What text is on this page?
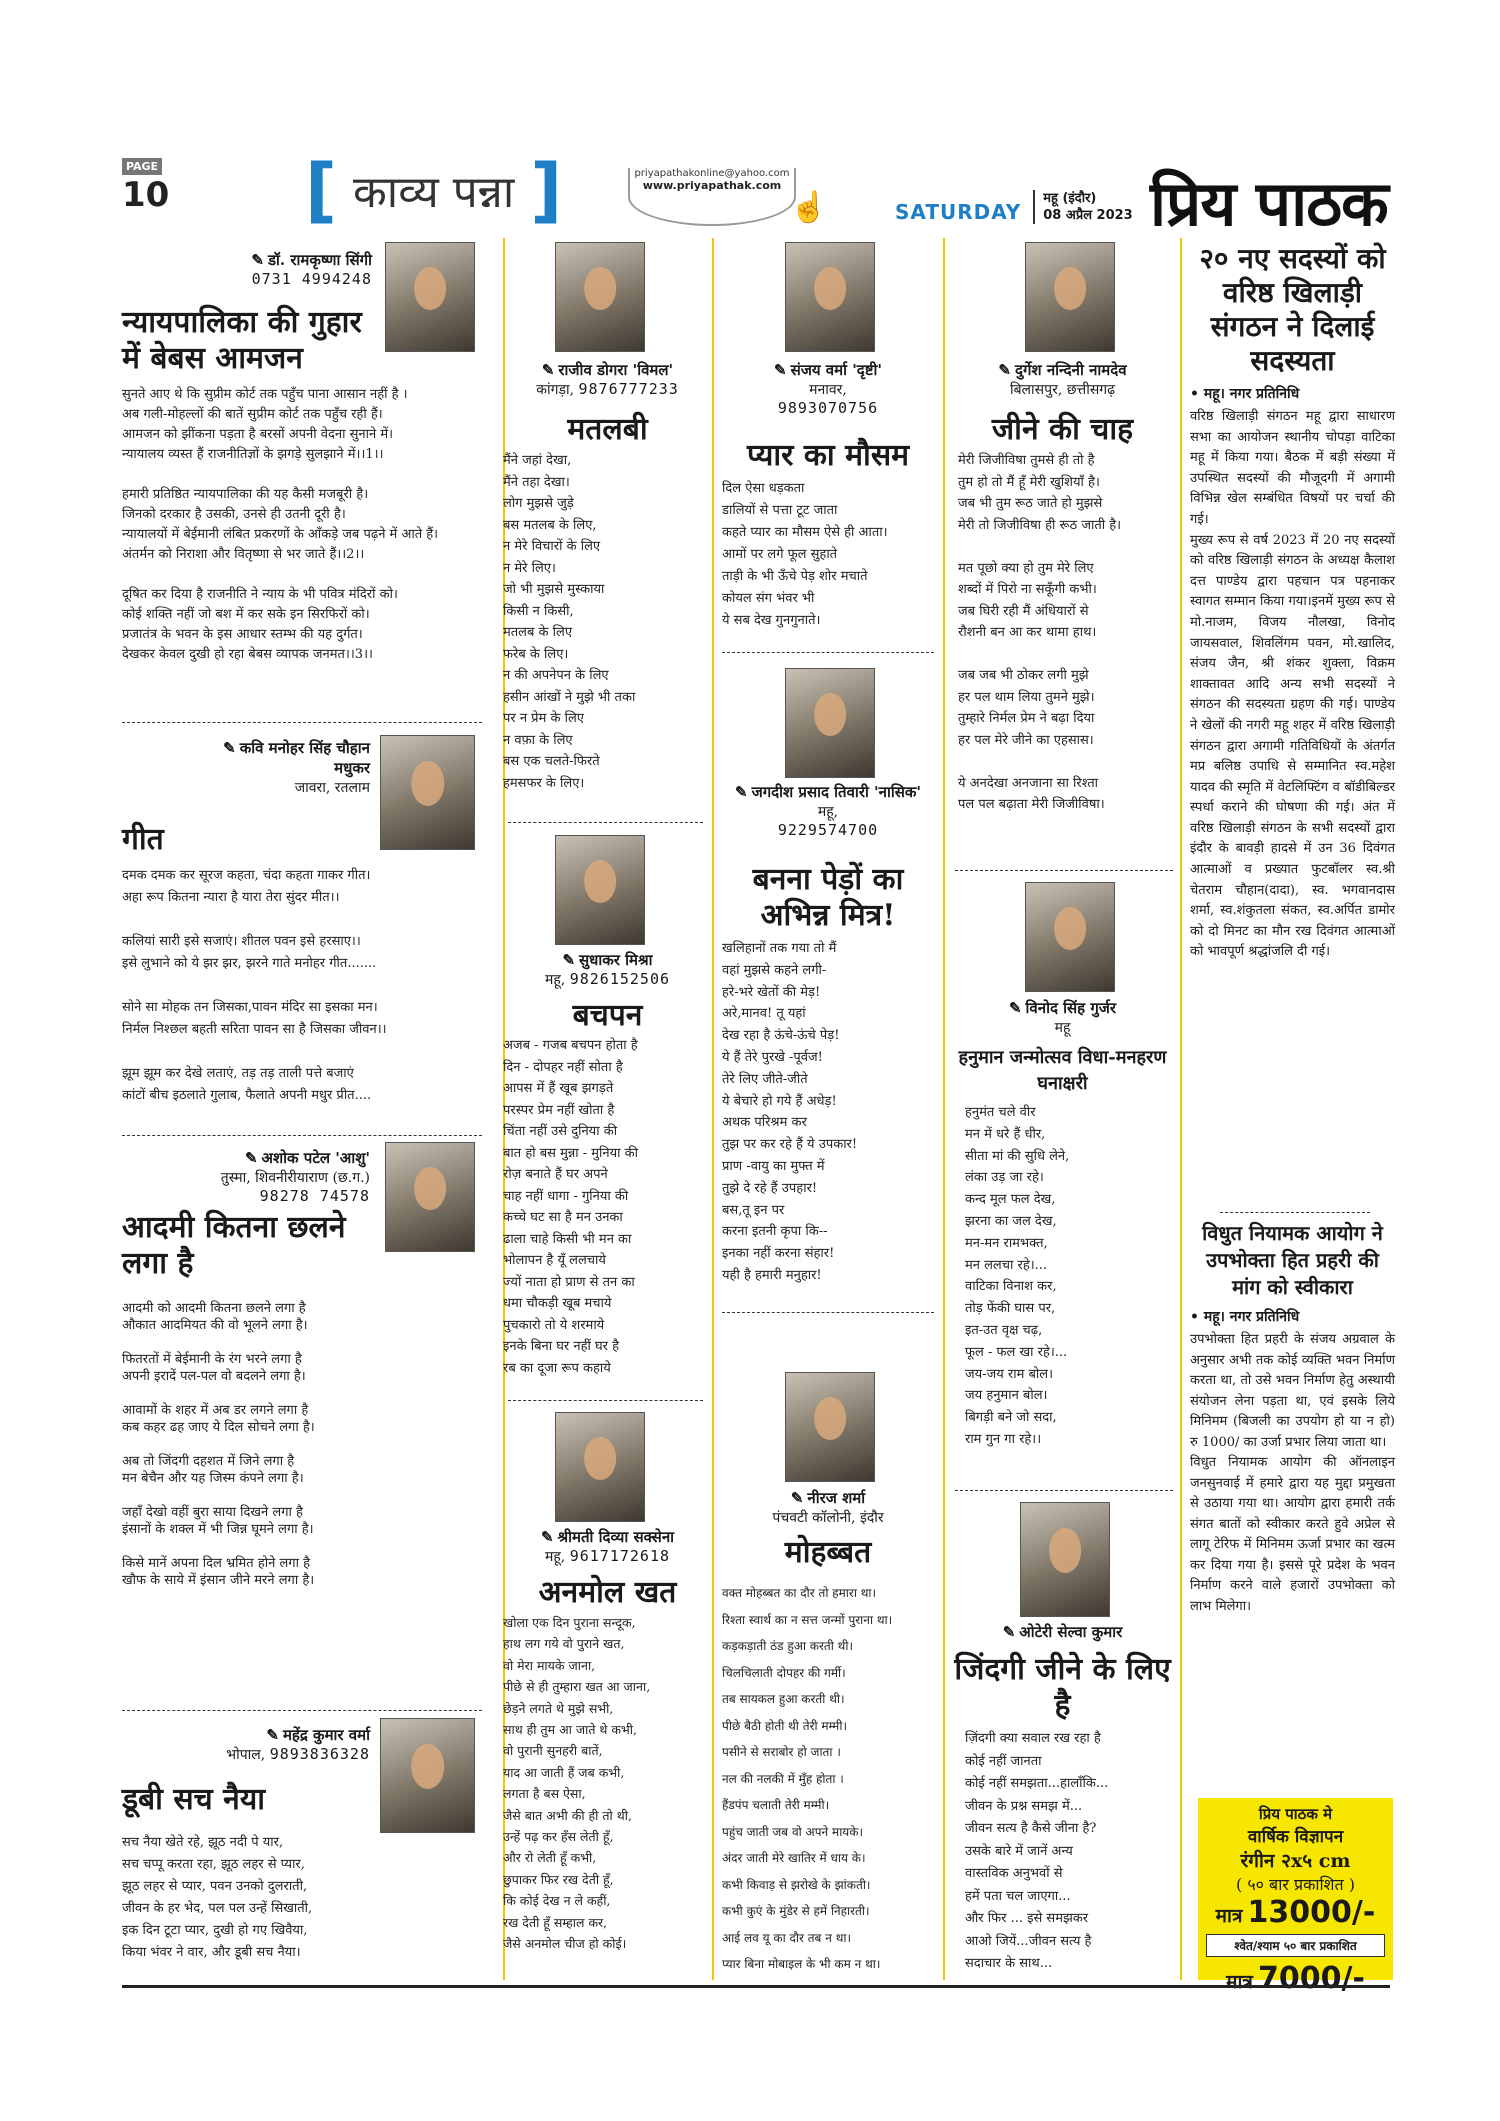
PAGE
10 [ काव्य पन्ना ]	priyapathakonline@yahoo.com
www.priyapathak.com
☝	SATURDAY
महू (इंदौर)
08 अप्रैल 2023 प्रिय पाठक
✎ डॉ. रामकृष्णा सिंगी
0731 4994248
न्यायपालिका की गुहार में बेबस आमजन
सुनते आए थे कि सुप्रीम कोर्ट तक पहुँच पाना आसान नहीं है ।
अब गली-मोहल्लों की बातें सुप्रीम कोर्ट तक पहुँच रही हैं।
आमजन को झींकना पड़ता है बरसों अपनी वेदना सुनाने में।
न्यायालय व्यस्त हैं राजनीतिज्ञों के झगड़े सुलझाने में।।1।।

हमारी प्रतिष्ठित न्यायपालिका की यह कैसी मजबूरी है।
जिनको दरकार है उसकी, उनसे ही उतनी दूरी है।
न्यायालयों में बेईमानी लंबित प्रकरणों के आँकड़े जब पढ़ने में आते हैं।
अंतर्मन को निराशा और वितृष्णा से भर जाते हैं।।2।।

दूषित कर दिया है राजनीति ने न्याय के भी पवित्र मंदिरों को।
कोई शक्ति नहीं जो बश में कर सके इन सिरफिरों को।
प्रजातंत्र के भवन के इस आधार स्तम्भ की यह दुर्गत।
देखकर केवल दुखी हो रहा बेबस व्यापक जनमत।।3।।
✎ कवि मनोहर सिंह चौहान मधुकर
जावरा, रतलाम
गीत
दमक दमक कर सूरज कहता, चंदा कहता गाकर गीत।
अहा रूप कितना न्यारा है यारा तेरा सुंदर मीत।।

कलियां सारी इसे सजाएं। शीतल पवन इसे हरसाए।।
इसे लुभाने को ये झर झर, झरने गाते मनोहर गीत.......

सोने सा मोहक तन जिसका,पावन मंदिर सा इसका मन।
निर्मल निश्छल बहती सरिता पावन सा है जिसका जीवन।।

झूम झूम कर देखे लताएं, तड़ तड़ ताली पत्ते बजाएं
कांटों बीच इठलाते गुलाब, फैलाते अपनी मधुर प्रीत....
✎ अशोक पटेल 'आशु'
तुस्मा, शिवनीरीयाराण (छ.ग.)
98278 74578
आदमी कितना छलने लगा है
आदमी को आदमी कितना छलने लगा है
औकात आदमियत की वो भूलने लगा है।

फितरतों में बेईमानी के रंग भरने लगा है
अपनी इरादें पल-पल वो बदलने लगा है।

आवामों के शहर में अब डर लगने लगा है
कब कहर ढह जाए ये दिल सोचने लगा है।

अब तो जिंदगी दहशत में जिने लगा है
मन बेचैन और यह जिस्म कंपने लगा है।

जहाँ देखो वहीं बुरा साया दिखने लगा है
इंसानों के शक्ल में भी जिन्न घूमने लगा है।

किसे मानें अपना दिल भ्रमित होने लगा है
खौफ के साये में इंसान जीने मरने लगा है।
✎ महेंद्र कुमार वर्मा
भोपाल, 9893836328
डूबी सच नैया
सच नैया खेते रहे, झूठ नदी पे यार,
सच चप्पू करता रहा, झूठ लहर से प्यार,
झूठ लहर से प्यार, पवन उनको दुलराती,
जीवन के हर भेद, पल पल उन्हें सिखाती,
इक दिन टूटा प्यार, दुखी हो गए खिवैया,
किया भंवर ने वार, और डूबी सच नैया।
✎ राजीव डोगरा 'विमल'
कांगड़ा, 9876777233
मतलबी
मैंने जहां देखा,
मैंने तहा देखा।
लोग मुझसे जुड़े
बस मतलब के लिए,
न मेरे विचारों के लिए
न मेरे लिए।
जो भी मुझसे मुस्काया
किसी न किसी,
मतलब के लिए
फरेब के लिए।
न की अपनेपन के लिए
हसीन आंखों ने मुझे भी तका
पर न प्रेम के लिए
न वफ़ा के लिए
बस एक चलते-फिरते
हमसफर के लिए।
✎ सुधाकर मिश्रा
महू, 9826152506
बचपन
अजब - गजब बचपन होता है
दिन - दोपहर नहीं सोता है
आपस में हैं खूब झगड़ते
परस्पर प्रेम नहीं खोता है
चिंता नहीं उसे दुनिया की
बात हो बस मुन्ना - मुनिया की
रोज़ बनाते हैं घर अपने
चाह नहीं धागा - गुनिया की
कच्चे घट सा है मन उनका
ढाला चाहे किसी भी मन का
भोलापन है यूँ ललचाये
ज्यों नाता हो प्राण से तन का
धमा चौकड़ी खूब मचाये
पुचकारो तो ये शरमाये
इनके बिना घर नहीं घर है
रब का दूजा रूप कहाये
✎ श्रीमती दिव्या सक्सेना
महू, 9617172618
अनमोल खत
खोला एक दिन पुराना सन्दूक,
हाथ लग गये वो पुराने खत,
वो मेरा मायके जाना,
पीछे से ही तुम्हारा खत आ जाना,
छेड़ने लगते थे मुझे सभी,
साथ ही तुम आ जाते थे कभी,
वो पुरानी सुनहरी बातें,
याद आ जाती हैं जब कभी,
लगता है बस ऐसा,
जैसे बात अभी की ही तो थी,
उन्हें पढ़ कर हँस लेती हूँ,
और रो लेती हूँ कभी,
छुपाकर फिर रख देती हूँ,
कि कोई देख न ले कहीं,
रख देती हूँ सम्हाल कर,
जैसे अनमोल चीज हो कोई।
✎ संजय वर्मा 'दृष्टी'
मनावर,
9893070756
प्यार का मौसम
दिल ऐसा धड़कता
डालियों से पत्ता टूट जाता
कहते प्यार का मौसम ऐसे ही आता।
आमों पर लगे फूल सुहाते
ताड़ी के भी ऊँचे पेड़ शोर मचाते
कोयल संग भंवर भी
ये सब देख गुनगुनाते।
✎ जगदीश प्रसाद तिवारी 'नासिक'
महू,
9229574700
बनना पेड़ों का अभिन्न मित्र!
खलिहानों तक गया तो मैं
वहां मुझसे कहने लगी-
हरे-भरे खेतों की मेड़!
अरे,मानव! तू यहां
देख रहा है ऊंचे-ऊंचे पेड़!
ये हैं तेरे पुरखे -पूर्वज!
तेरे लिए जीते-जीते
ये बेचारे हो गये हैं अधेड़!
अथक परिश्रम कर
तुझ पर कर रहे हैं ये उपकार!
प्राण -वायु का मुफ्त में
तुझे दे रहे हैं उपहार!
बस,तू इन पर
करना इतनी कृपा कि--
इनका नहीं करना संहार!
यही है हमारी मनुहार!
✎ नीरज शर्मा
पंचवटी कॉलोनी, इंदौर
मोहब्बत
वक्त मोहब्बत का दौर तो हमारा था।
रिश्ता स्वार्थ का न सत्त जन्मों पुराना था।
कड़कड़ाती ठंड हुआ करती थी।
चिलचिलाती दोपहर की गर्मी।
तब सायकल हुआ करती थी।
पीछे बैठी होती थी तेरी मम्मी।
पसीने से सराबोर हो जाता ।
नल की नलकी में मुँह होता ।
हैंडपंप चलाती तेरी मम्मी।
पहुंच जाती जब वो अपने मायके।
अंदर जाती मेरे खातिर में धाय के।
कभी किवाड़ से झरोखे के झांकती।
कभी कुएं के मुंडेर से हमें निहारती।
आई लव यू का दौर तब न था।
प्यार बिना मोबाइल के भी कम न था।
✎ दुर्गेश नन्दिनी नामदेव
बिलासपुर, छत्तीसगढ़
जीने की चाह
मेरी जिजीविषा तुमसे ही तो है
तुम हो तो मैं हूँ मेरी खुशियाँ है।
जब भी तुम रूठ जाते हो मुझसे
मेरी तो जिजीविषा ही रूठ जाती है।

मत पूछो क्या हो तुम मेरे लिए
शब्दों में पिरो ना सकूँगी कभी।
जब घिरी रही मैं अंधियारों से
रौशनी बन आ कर थामा हाथ।

जब जब भी ठोकर लगी मुझे
हर पल थाम लिया तुमने मुझे।
तुम्हारे निर्मल प्रेम ने बढ़ा दिया
हर पल मेरे जीने का एहसास।

ये अनदेखा अनजाना सा रिश्ता
पल पल बढ़ाता मेरी जिजीविषा।
✎ विनोद सिंह गुर्जर
महू
हनुमान जन्मोत्सव विधा-मनहरण घनाक्षरी
हनुमंत चले वीर
मन में धरे हैं धीर,
सीता मां की सुधि लेने,
लंका उड़ जा रहे।
कन्द मूल फल देख,
झरना का जल देख,
मन-मन रामभक्त,
मन ललचा रहे।...
वाटिका विनाश कर,
तोड़ फेंकी घास पर,
इत-उत वृक्ष चढ़,
फूल - फल खा रहे।...
जय-जय राम बोल।
जय हनुमान बोल।
बिगड़ी बने जो सदा,
राम गुन गा रहे।।
✎ ओटेरी सेल्वा कुमार
जिंदगी जीने के लिए है
ज़िंदगी क्या सवाल रख रहा है
कोई नहीं जानता
कोई नहीं समझता...हालाँकि...
जीवन के प्रश्न समझ में...
जीवन सत्य है कैसे जीना है?
उसके बारे में जानें अन्य
वास्तविक अनुभवों से
हमें पता चल जाएगा...
और फिर ... इसे समझकर
आओ जियें...जीवन सत्य है
सदाचार के साथ...
२० नए सदस्यों को वरिष्ठ खिलाड़ी संगठन ने दिलाई सदस्यता
• महू। नगर प्रतिनिधि
वरिष्ठ खिलाड़ी संगठन महू द्वारा साधारण सभा का आयोजन स्थानीय चोपड़ा वाटिका महू में किया गया। बैठक में बड़ी संख्या में उपस्थित सदस्यों की मौजूदगी में अगामी विभिन्न खेल सम्बंधित विषयों पर चर्चा की गई।
मुख्य रूप से वर्ष 2023 में 20 नए सदस्यों को वरिष्ठ खिलाड़ी संगठन के अध्यक्ष कैलाश दत्त पाण्डेय द्वारा पहचान पत्र पहनाकर स्वागत सम्मान किया गया।इनमें मुख्य रूप से मो.नाजम, विजय नौलखा, विनोद जायसवाल, शिवलिंगम पवन, मो.खालिद, संजय जैन, श्री शंकर शुक्ला, विक्रम शाक्तावत आदि अन्य सभी सदस्यों ने संगठन की सदस्यता ग्रहण की गई। पाण्डेय ने खेलों की नगरी महू शहर में वरिष्ठ खिलाड़ी संगठन द्वारा अगामी गतिविधियों के अंतर्गत मप्र बलिष्ठ उपाधि से सम्मानित स्व.महेश यादव की स्मृति में वेटलिफ्टिंग व बॉडीबिल्डर स्पर्धा कराने की घोषणा की गई। अंत में वरिष्ठ खिलाड़ी संगठन के सभी सदस्यों द्वारा इंदौर के बावड़ी हादसे में उन 36 दिवंगत आत्माओं व प्रख्यात फुटबॉलर स्व.श्री चेतराम चौहान(दादा), स्व. भगवानदास शर्मा, स्व.शंकुतला संकत, स्व.अर्पित डामोर को दो मिनट का मौन रख दिवंगत आत्माओं को भावपूर्ण श्रद्धांजलि दी गई।
विधुत नियामक आयोग ने उपभोक्ता हित प्रहरी की मांग को स्वीकारा
• महू। नगर प्रतिनिधि
उपभोक्ता हित प्रहरी के संजय अग्रवाल के अनुसार अभी तक कोई व्यक्ति भवन निर्माण करता था, तो उसे भवन निर्माण हेतु अस्थायी संयोजन लेना पड़ता था, एवं इसके लिये मिनिमम (बिजली का उपयोग हो या न हो) रु 1000/ का उर्जा प्रभार लिया जाता था।
विधुत नियामक आयोग की ऑनलाइन जनसुनवाई में हमारे द्वारा यह मुद्दा प्रमुखता से उठाया गया था। आयोग द्वारा हमारी तर्क संगत बातों को स्वीकार करते हुवे अप्रेल से लागू टेरिफ में मिनिमम ऊर्जा प्रभार का खत्म कर दिया गया है। इससे पूरे प्रदेश के भवन निर्माण करने वाले हजारों उपभोक्ता को लाभ मिलेगा।
प्रिय पाठक मे
वार्षिक विज्ञापन
रंगीन २x५ cm
( ५० बार प्रकाशित )
मात्र 13000/-
श्वेत/श्याम ५० बार प्रकाशित
मात्र 7000/-
